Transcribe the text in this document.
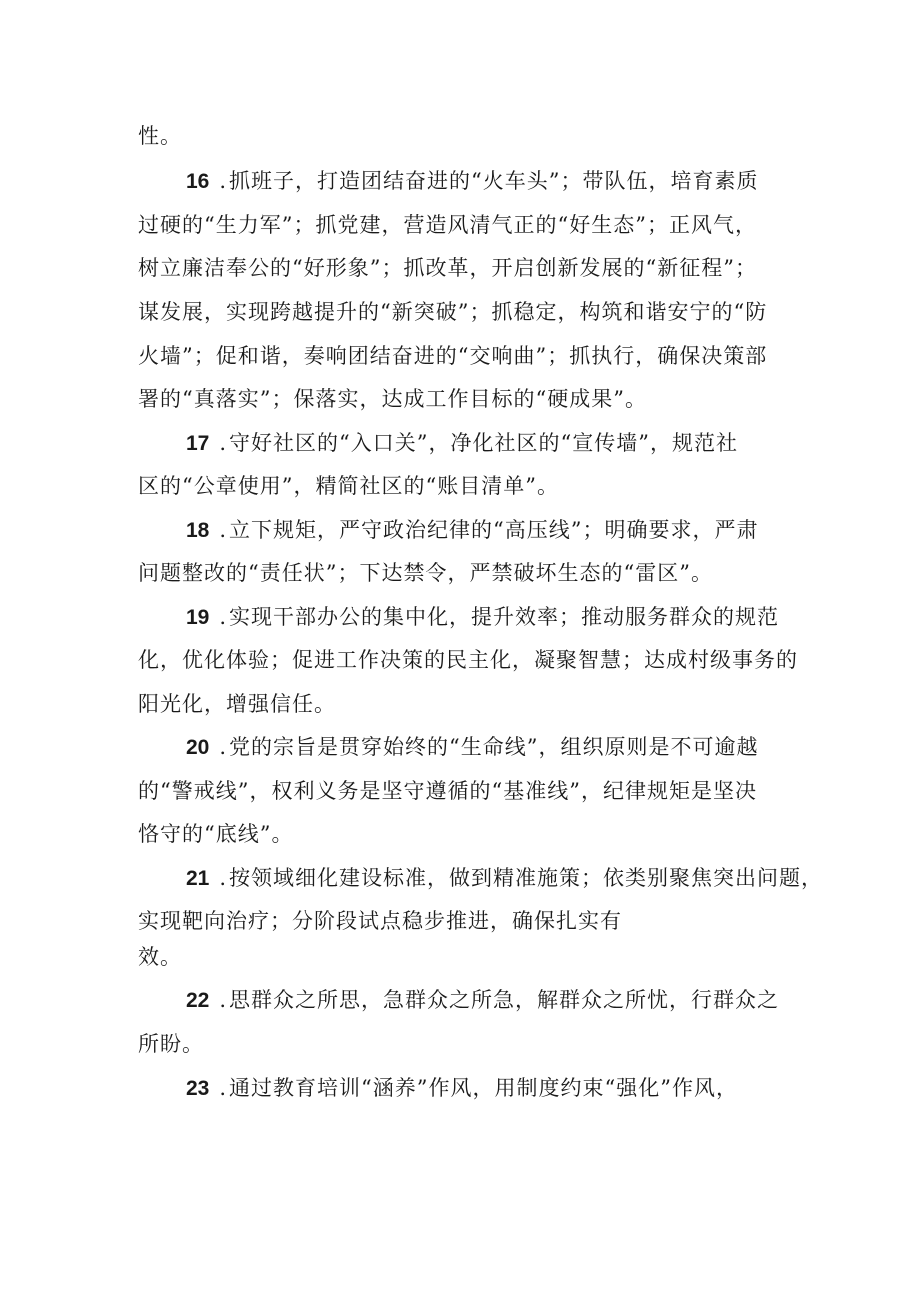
性。
16 .抓班子，打造团结奋进的“火车头”；带队伍，培育素质
过硬的“生力军”；抓党建，营造风清气正的“好生态”；正风气，
树立廉洁奉公的“好形象”；抓改革，开启创新发展的“新征程”；
谋发展，实现跨越提升的“新突破”；抓稳定，构筑和谐安宁的“防
火墙”；促和谐，奏响团结奋进的“交响曲”；抓执行，确保决策部
署的“真落实”；保落实，达成工作目标的“硬成果”。
17 .守好社区的“入口关”，净化社区的“宣传墙”，规范社
区的“公章使用”，精简社区的“账目清单”。
18 .立下规矩，严守政治纪律的“高压线”；明确要求，严肃
问题整改的“责任状”；下达禁令，严禁破坏生态的“雷区”。
19 .实现干部办公的集中化，提升效率；推动服务群众的规范
化，优化体验；促进工作决策的民主化，凝聚智慧；达成村级事务的
阳光化，增强信任。
20 .党的宗旨是贯穿始终的“生命线”，组织原则是不可逾越
的“警戒线”，权利义务是坚守遵循的“基准线”，纪律规矩是坚决
恪守的“底线”。
21 .按领域细化建设标准，做到精准施策；依类别聚焦突出问题，
实现靶向治疗；分阶段试点稳步推进，确保扎实有
效。
22 .思群众之所思，急群众之所急，解群众之所忧，行群众之
所盼。
23 .通过教育培训“涵养”作风，用制度约束“强化”作风，
